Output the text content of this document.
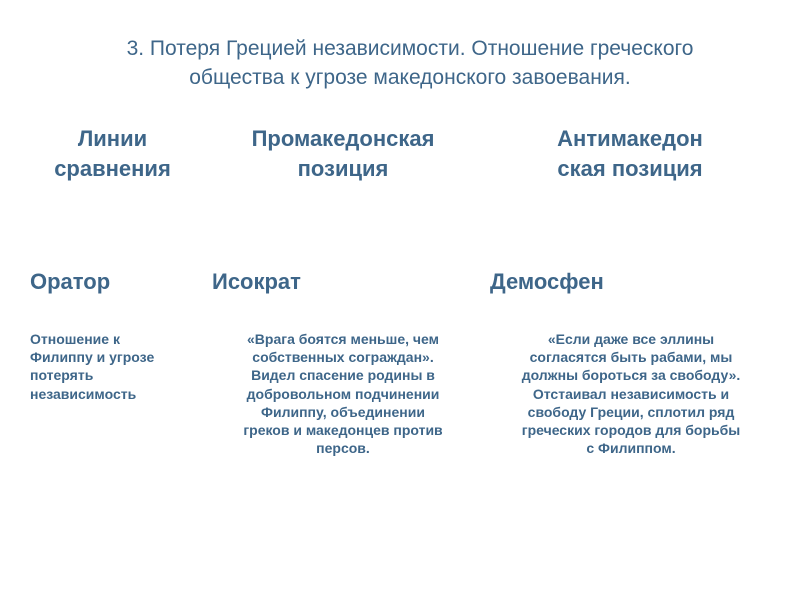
3. Потеря Грецией независимости. Отношение греческого
общества к угрозе македонского завоевания.
Линии
сравнения
Промакедонская
позиция
Антимакедон
ская позиция
Оратор	Исократ	Демосфен
Отношение к
Филиппу и угрозе
потерять
независимость
«Врага боятся меньше, чем
собственных сограждан».
Видел спасение родины в
добровольном подчинении
Филиппу, объединении
греков и македонцев против
персов.
«Если даже все эллины
согласятся быть рабами, мы
должны бороться за свободу».
Отстаивал независимость и
свободу Греции, сплотил ряд
греческих городов для борьбы
с Филиппом.
